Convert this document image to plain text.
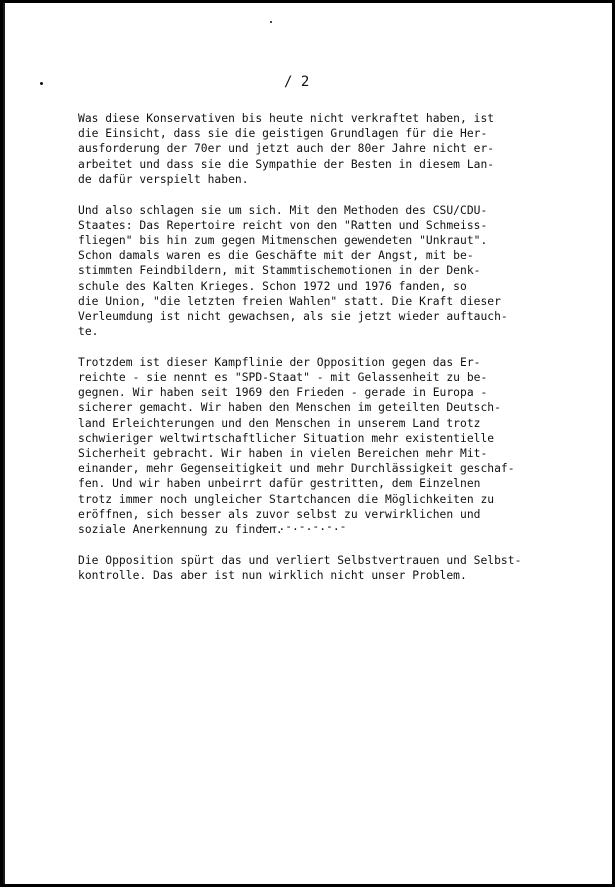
/ 2

Was diese Konservativen bis heute nicht verkraftet haben, ist
die Einsicht, dass sie die geistigen Grundlagen für die Her-
ausforderung der 70er und jetzt auch der 80er Jahre nicht er-
arbeitet und dass sie die Sympathie der Besten in diesem Lan-
de dafür verspielt haben.

Und also schlagen sie um sich. Mit den Methoden des CSU/CDU-
Staates: Das Repertoire reicht von den "Ratten und Schmeiss-
fliegen" bis hin zum gegen Mitmenschen gewendeten "Unkraut".
Schon damals waren es die Geschäfte mit der Angst, mit be-
stimmten Feindbildern, mit Stammtischemotionen in der Denk-
schule des Kalten Krieges. Schon 1972 und 1976 fanden, so
die Union, "die letzten freien Wahlen" statt. Die Kraft dieser
Verleumdung ist nicht gewachsen, als sie jetzt wieder auftauch-
te.

Trotzdem ist dieser Kampflinie der Opposition gegen das Er-
reichte - sie nennt es "SPD-Staat" - mit Gelassenheit zu be-
gegnen. Wir haben seit 1969 den Frieden - gerade in Europa -
sicherer gemacht. Wir haben den Menschen im geteilten Deutsch-
land Erleichterungen und den Menschen in unserem Land trotz
schwieriger weltwirtschaftlicher Situation mehr existentielle
Sicherheit gebracht. Wir haben in vielen Bereichen mehr Mit-
einander, mehr Gegenseitigkeit und mehr Durchlässigkeit geschaf-
fen. Und wir haben unbeirrt dafür gestritten, dem Einzelnen
trotz immer noch ungleicher Startchancen die Möglichkeiten zu
eröffnen, sich besser als zuvor selbst zu verwirklichen und
soziale Anerkennung zu finden.

Die Opposition spürt das und verliert Selbstvertrauen und Selbst-
kontrolle. Das aber ist nun wirklich nicht unser Problem.

-.-.-.-.-.-.-
